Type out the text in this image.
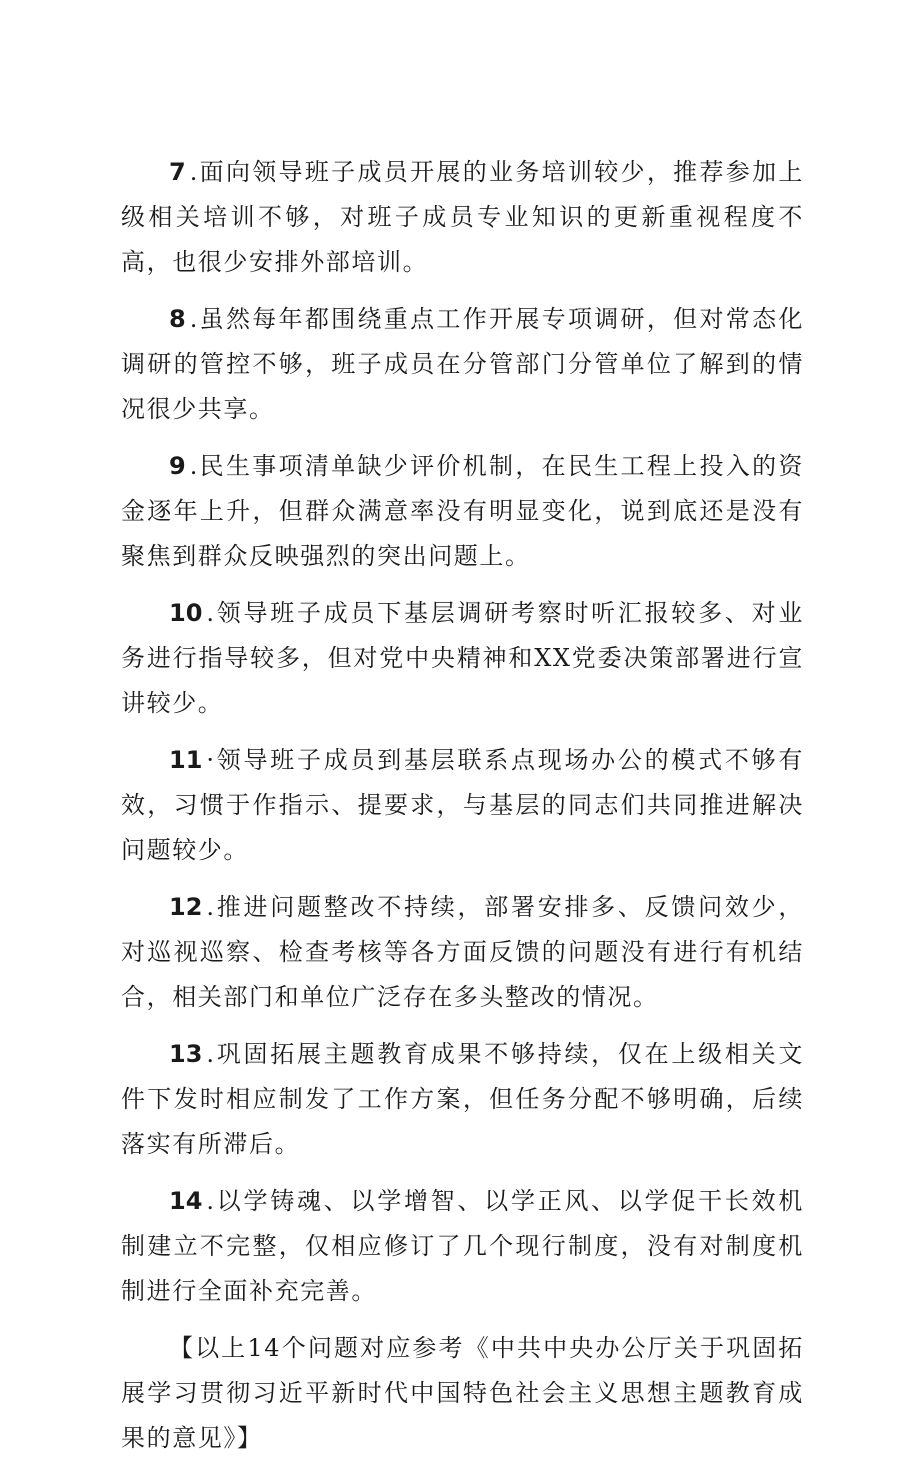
7 .面向领导班子成员开展的业务培训较少，推荐参加上级相关培训不够，对班子成员专业知识的更新重视程度不高，也很少安排外部培训。

8 .虽然每年都围绕重点工作开展专项调研，但对常态化调研的管控不够，班子成员在分管部门分管单位了解到的情况很少共享。

9 .民生事项清单缺少评价机制，在民生工程上投入的资金逐年上升，但群众满意率没有明显变化，说到底还是没有聚焦到群众反映强烈的突出问题上。

10 .领导班子成员下基层调研考察时听汇报较多、对业务进行指导较多，但对党中央精神和XX党委决策部署进行宣讲较少。

11 ·领导班子成员到基层联系点现场办公的模式不够有效，习惯于作指示、提要求，与基层的同志们共同推进解决问题较少。

12 .推进问题整改不持续，部署安排多、反馈问效少，对巡视巡察、检查考核等各方面反馈的问题没有进行有机结合，相关部门和单位广泛存在多头整改的情况。

13 .巩固拓展主题教育成果不够持续，仅在上级相关文件下发时相应制发了工作方案，但任务分配不够明确，后续落实有所滞后。

14 .以学铸魂、以学增智、以学正风、以学促干长效机制建立不完整，仅相应修订了几个现行制度，没有对制度机制进行全面补充完善。

【以上14个问题对应参考《中共中央办公厅关于巩固拓展学习贯彻习近平新时代中国特色社会主义思想主题教育成果的意见》】
